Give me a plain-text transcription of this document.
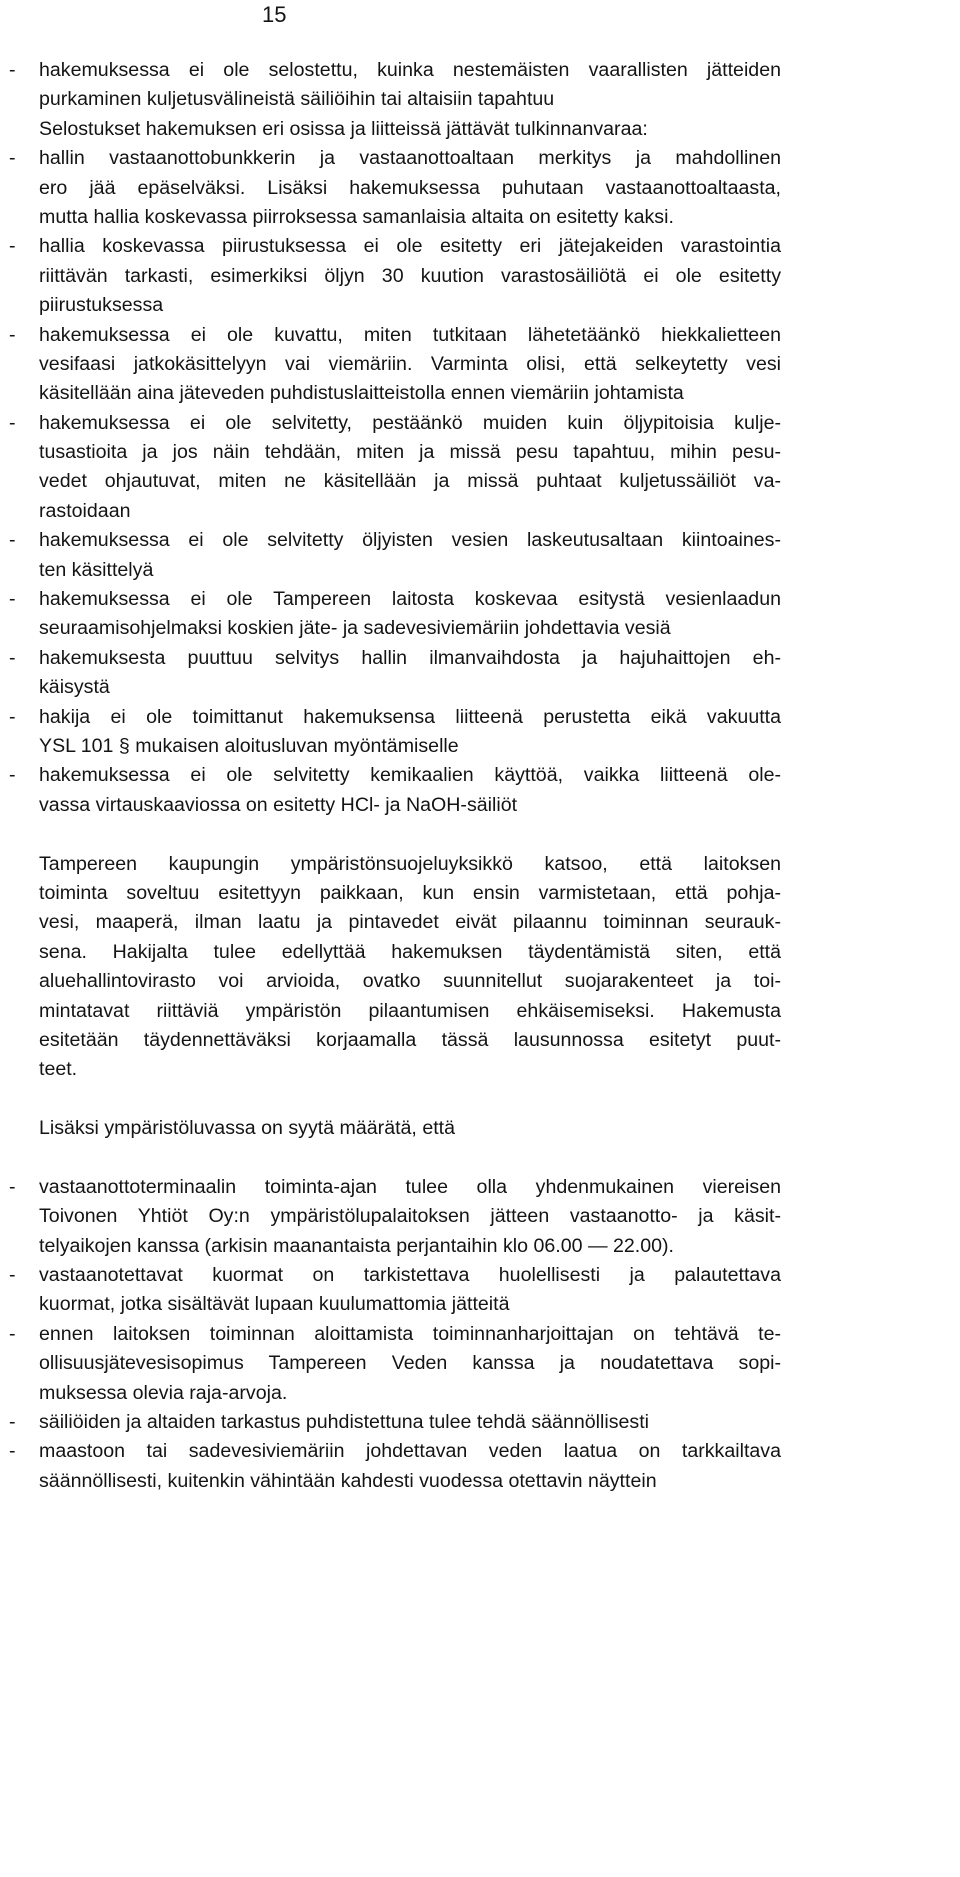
15
- hakemuksessa ei ole selostettu, kuinka nestemäisten vaarallisten jätteiden
purkaminen kuljetusvälineistä säiliöihin tai altaisiin tapahtuu
Selostukset hakemuksen eri osissa ja liitteissä jättävät tulkinnanvaraa:
- hallin vastaanottobunkkerin ja vastaanottoaltaan merkitys ja mahdollinen
ero jää epäselväksi. Lisäksi hakemuksessa puhutaan vastaanottoaltaasta,
mutta hallia koskevassa piirroksessa samanlaisia altaita on esitetty kaksi.
- hallia koskevassa piirustuksessa ei ole esitetty eri jätejakeiden varastointia
riittävän tarkasti, esimerkiksi öljyn 30 kuution varastosäiliötä ei ole esitetty
piirustuksessa
- hakemuksessa ei ole kuvattu, miten tutkitaan lähetetäänkö hiekkalietteen
vesifaasi jatkokäsittelyyn vai viemäriin. Varminta olisi, että selkeytetty vesi
käsitellään aina jäteveden puhdistuslaitteistolla ennen viemäriin johtamista
- hakemuksessa ei ole selvitetty, pestäänkö muiden kuin öljypitoisia kulje-
tusastioita ja jos näin tehdään, miten ja missä pesu tapahtuu, mihin pesu-
vedet ohjautuvat, miten ne käsitellään ja missä puhtaat kuljetussäiliöt va-
rastoidaan
- hakemuksessa ei ole selvitetty öljyisten vesien laskeutusaltaan kiintoaines-
ten käsittelyä
- hakemuksessa ei ole Tampereen laitosta koskevaa esitystä vesienlaadun
seuraamisohjelmaksi koskien jäte- ja sadevesiviemäriin johdettavia vesiä
- hakemuksesta puuttuu selvitys hallin ilmanvaihdosta ja hajuhaittojen eh-
käisystä
- hakija ei ole toimittanut hakemuksensa liitteenä perustetta eikä vakuutta
YSL 101 § mukaisen aloitusluvan myöntämiselle
- hakemuksessa ei ole selvitetty kemikaalien käyttöä, vaikka liitteenä ole-
vassa virtauskaaviossa on esitetty HCl- ja NaOH-säiliöt
Tampereen kaupungin ympäristönsuojeluyksikkö katsoo, että laitoksen
toiminta soveltuu esitettyyn paikkaan, kun ensin varmistetaan, että pohja-
vesi, maaperä, ilman laatu ja pintavedet eivät pilaannu toiminnan seurauk-
sena. Hakijalta tulee edellyttää hakemuksen täydentämistä siten, että
aluehallintovirasto voi arvioida, ovatko suunnitellut suojarakenteet ja toi-
mintatavat riittäviä ympäristön pilaantumisen ehkäisemiseksi. Hakemusta
esitetään täydennettäväksi korjaamalla tässä lausunnossa esitetyt puut-
teet.
Lisäksi ympäristöluvassa on syytä määrätä, että
- vastaanottoterminaalin toiminta-ajan tulee olla yhdenmukainen viereisen
Toivonen Yhtiöt Oy:n ympäristölupalaitoksen jätteen vastaanotto- ja käsit-
telyaikojen kanssa (arkisin maanantaista perjantaihin klo 06.00 — 22.00).
- vastaanotettavat kuormat on tarkistettava huolellisesti ja palautettava
kuormat, jotka sisältävät lupaan kuulumattomia jätteitä
- ennen laitoksen toiminnan aloittamista toiminnanharjoittajan on tehtävä te-
ollisuusjätevesisopimus Tampereen Veden kanssa ja noudatettava sopi-
muksessa olevia raja-arvoja.
- säiliöiden ja altaiden tarkastus puhdistettuna tulee tehdä säännöllisesti
- maastoon tai sadevesiviemäriin johdettavan veden laatua on tarkkailtava
säännöllisesti, kuitenkin vähintään kahdesti vuodessa otettavin näyttein
